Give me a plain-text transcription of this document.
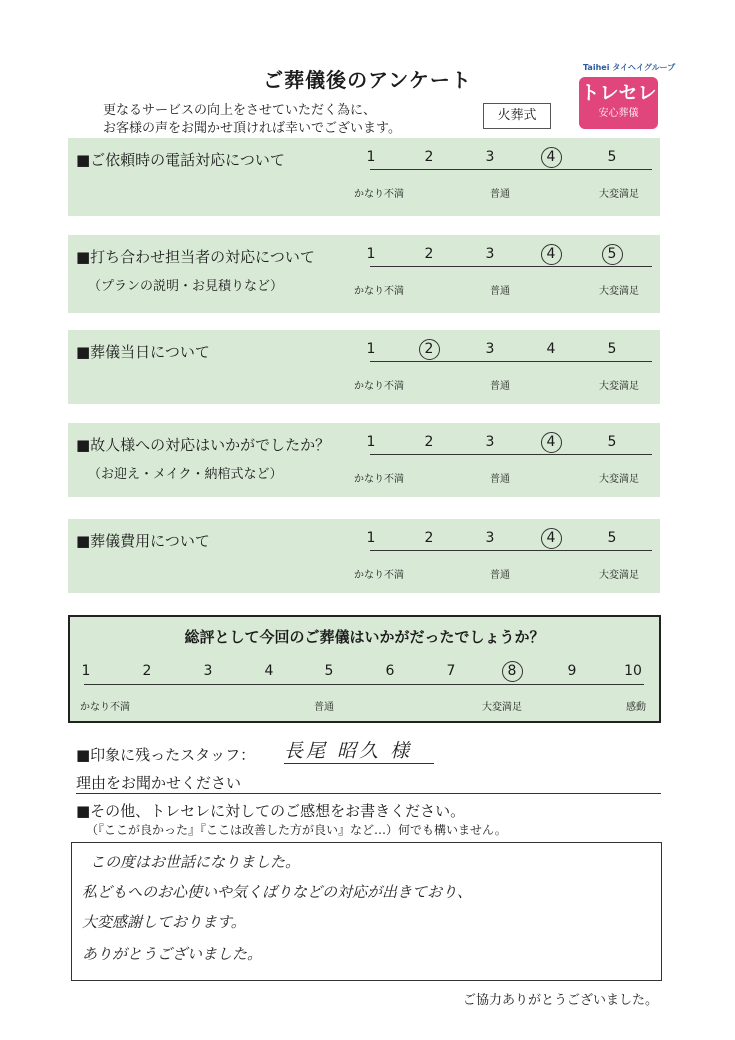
ご葬儀後のアンケート
更なるサービスの向上をさせていただく為に、
お客様の声をお聞かせ頂ければ幸いでございます。
火葬式
Taihei タイヘイグループ
トレセレ
安心葬儀
■ご依頼時の電話対応について	1	2	3	4	5
かなり不満	普通	大変満足
■打ち合わせ担当者の対応について
（プランの説明・お見積りなど）
1	2	3	4	5
かなり不満	普通	大変満足
■葬儀当日について	1	2	3	4	5
かなり不満	普通	大変満足
■故人様への対応はいかがでしたか？
（お迎え・メイク・納棺式など）
1	2	3	4	5
かなり不満	普通	大変満足
■葬儀費用について	1	2	3	4	5
かなり不満	普通	大変満足
総評として今回のご葬儀はいかがだったでしょうか？
1	2	3	4	5	6	7	8	9	10
かなり不満	普通	大変満足	感動
■印象に残ったスタッフ： 長尾 昭久 様
理由をお聞かせください
■その他、トレセレに対してのご感想をお書きください。
（『ここが良かった』『ここは改善した方が良い』など…）何でも構いません。
この度はお世話になりました。
私どもへのお心使いや気くばりなどの対応が出きており、
大変感謝しております。
ありがとうございました。
ご協力ありがとうございました。
